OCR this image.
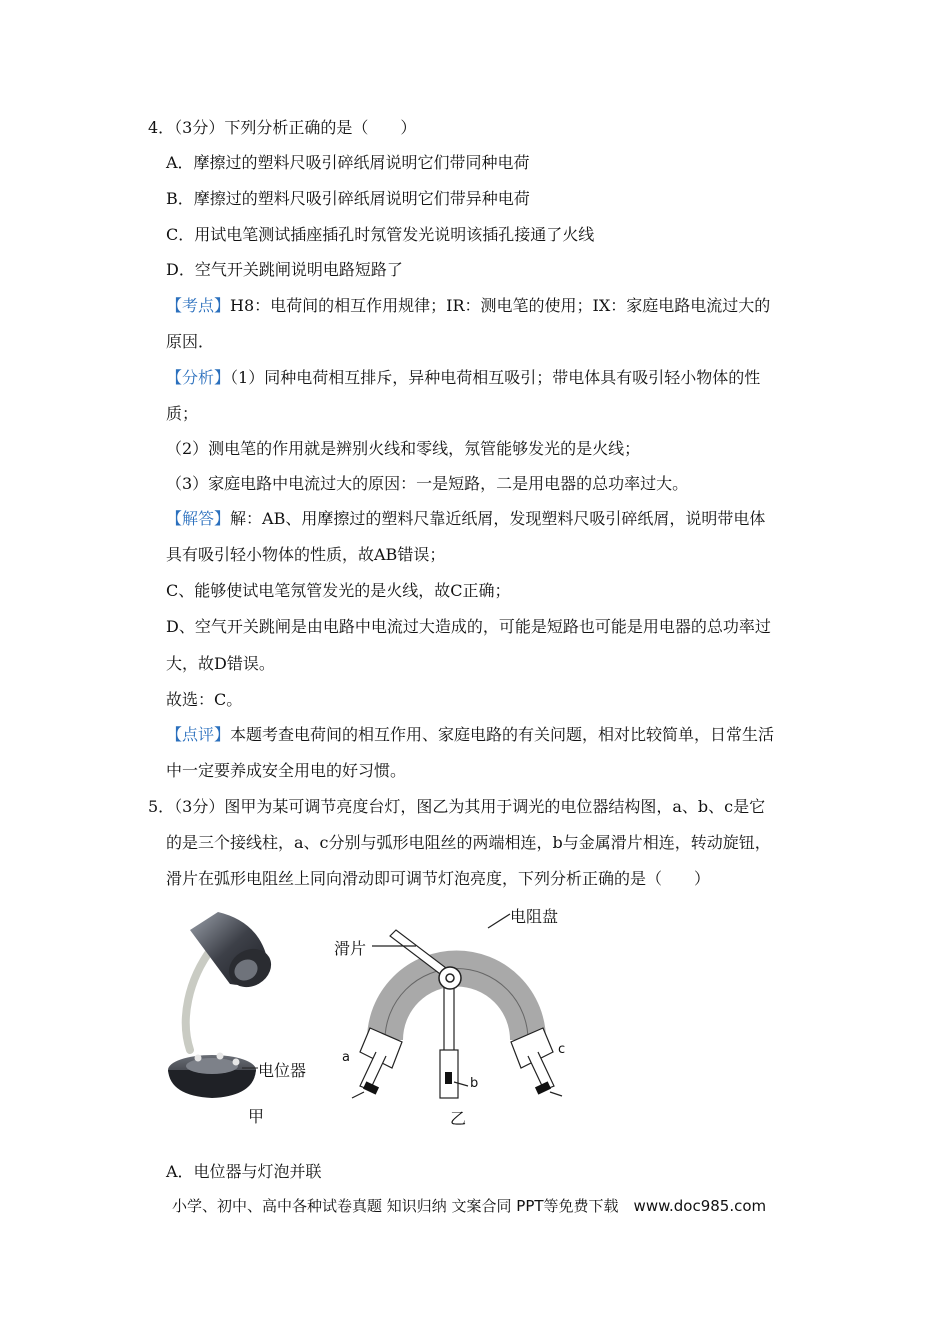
4．（3分）下列分析正确的是（　　）
A．摩擦过的塑料尺吸引碎纸屑说明它们带同种电荷
B．摩擦过的塑料尺吸引碎纸屑说明它们带异种电荷
C．用试电笔测试插座插孔时氖管发光说明该插孔接通了火线
D．空气开关跳闸说明电路短路了
【考点】H8：电荷间的相互作用规律；IR：测电笔的使用；IX：家庭电路电流过大的
原因．
【分析】（1）同种电荷相互排斥，异种电荷相互吸引；带电体具有吸引轻小物体的性
质；
（2）测电笔的作用就是辨别火线和零线，氖管能够发光的是火线；
（3）家庭电路中电流过大的原因：一是短路，二是用电器的总功率过大。
【解答】解：AB、用摩擦过的塑料尺靠近纸屑，发现塑料尺吸引碎纸屑，说明带电体
具有吸引轻小物体的性质，故AB错误；
C、能够使试电笔氖管发光的是火线，故C正确；
D、空气开关跳闸是由电路中电流过大造成的，可能是短路也可能是用电器的总功率过
大，故D错误。
故选：C。
【点评】本题考查电荷间的相互作用、家庭电路的有关问题，相对比较简单，日常生活
中一定要养成安全用电的好习惯。
5．（3分）图甲为某可调节亮度台灯，图乙为其用于调光的电位器结构图，a、b、c是它
的是三个接线柱，a、c分别与弧形电阻丝的两端相连，b与金属滑片相连，转动旋钮，
滑片在弧形电阻丝上同向滑动即可调节灯泡亮度，下列分析正确的是（　　）
电位器
甲
电阻盘
滑片
a
b
c
乙
A．电位器与灯泡并联
小学、初中、高中各种试卷真题 知识归纳 文案合同 PPT等免费下载　www.doc985.com
